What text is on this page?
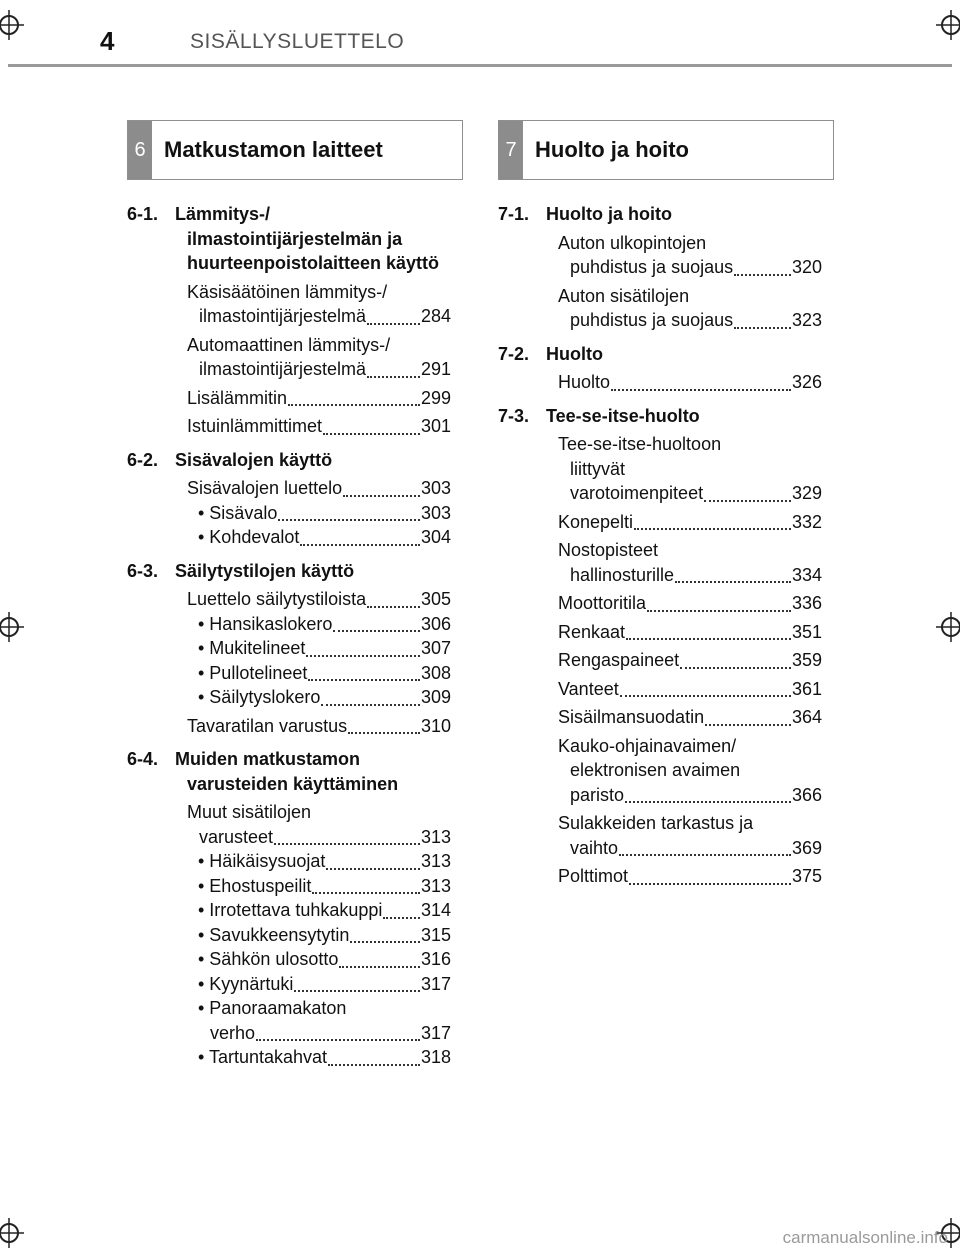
4	SISÄLLYSLUETTELO
6 Matkustamon laitteet	7 Huolto ja hoito
6-1. Lämmitys-/ ilmastointijärjestelmän ja huurteenpoistolaitteen käyttö
Käsisäätöinen lämmitys-/
ilmastointijärjestelmä	284
Automaattinen lämmitys-/
ilmastointijärjestelmä	291
Lisälämmitin	299
Istuinlämmittimet	301
6-2. Sisävalojen käyttö
Sisävalojen luettelo	303
• Sisävalo	303
• Kohdevalot	304
6-3. Säilytystilojen käyttö
Luettelo säilytystiloista	305
• Hansikaslokero	306
• Mukitelineet	307
• Pullotelineet	308
• Säilytyslokero	309
Tavaratilan varustus	310
6-4. Muiden matkustamon varusteiden käyttäminen
Muut sisätilojen
varusteet	313
• Häikäisysuojat	313
• Ehostuspeilit	313
• Irrotettava tuhkakuppi 314
• Savukkeensytytin	315
• Sähkön ulosotto	316
• Kyynärtuki	317
• Panoraamakaton
verho	317
• Tartuntakahvat	318
7-1. Huolto ja hoito
Auton ulkopintojen
puhdistus ja suojaus	320
Auton sisätilojen
puhdistus ja suojaus	323
7-2. Huolto
Huolto	326
7-3. Tee-se-itse-huolto
Tee-se-itse-huoltoon
liittyvät
varotoimenpiteet	329
Konepelti	332
Nostopisteet
hallinosturille	334
Moottoritila	336
Renkaat	351
Rengaspaineet	359
Vanteet	361
Sisäilmansuodatin	364
Kauko-ohjainavaimen/
elektronisen avaimen
paristo	366
Sulakkeiden tarkastus ja
vaihto	369
Polttimot	375
carmanualsonline.info
